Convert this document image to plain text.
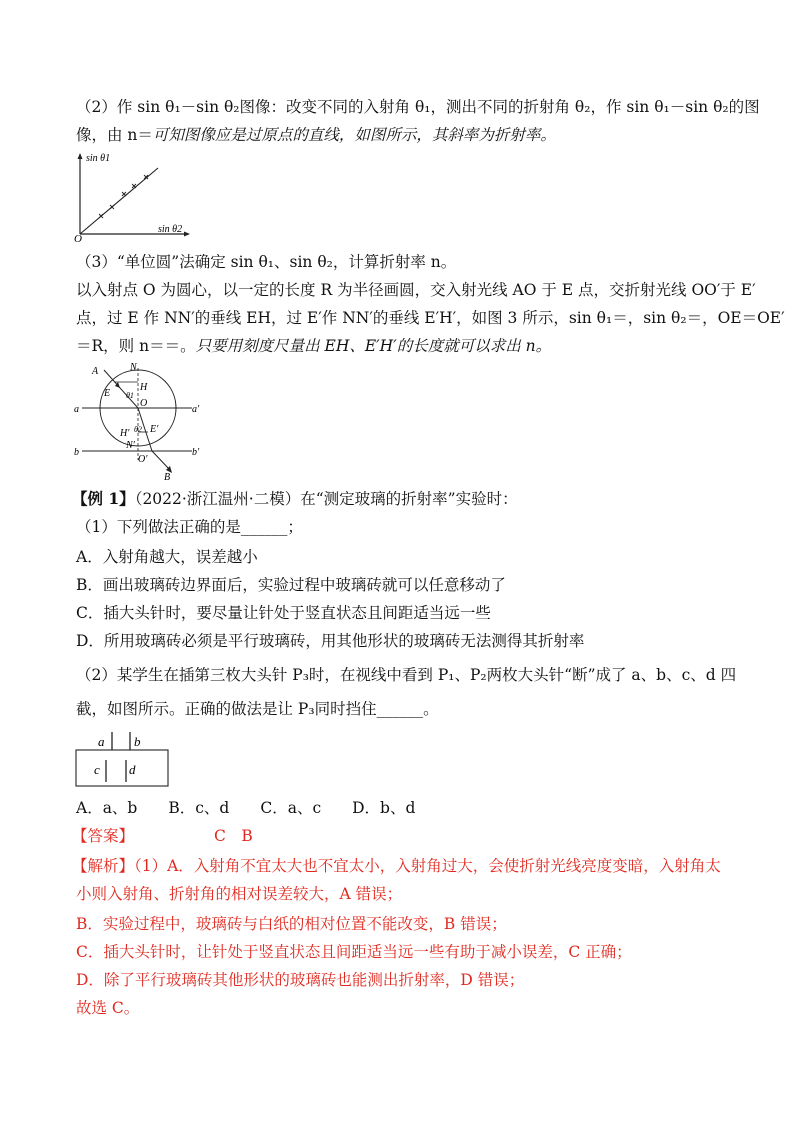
（2）作 sin θ₁－sin θ₂图像：改变不同的入射角 θ₁，测出不同的折射角 θ₂，作 sin θ₁－sin θ₂的图
像，由 n＝可知图像应是过原点的直线，如图所示，其斜率为折射率。
sin θ1
O
sin θ2
（3）“单位圆”法确定 sin θ₁、sin θ₂，计算折射率 n。
以入射点 O 为圆心，以一定的长度 R 为半径画圆，交入射光线 AO 于 E 点，交折射光线 OO′于 E′
点，过 E 作 NN′的垂线 EH，过 E′作 NN′的垂线 E′H′，如图 3 所示，sin θ₁＝，sin θ₂＝，OE＝OE′
＝R，则 n＝＝。只要用刻度尺量出 EH、E′H′的长度就可以求出 n。
A	N
H
E θ1
O
a	a′
H′ E′
θ2
N′
b	b′
O′
B
【例 1】（2022·浙江温州·二模）在“测定玻璃的折射率”实验时：
（1）下列做法正确的是______；
A．入射角越大，误差越小
B．画出玻璃砖边界面后，实验过程中玻璃砖就可以任意移动了
C．插大头针时，要尽量让针处于竖直状态且间距适当远一些
D．所用玻璃砖必须是平行玻璃砖，用其他形状的玻璃砖无法测得其折射率
（2）某学生在插第三枚大头针 P₃时，在视线中看到 P₁、P₂两枚大头针“断”成了 a、b、c、d 四
截，如图所示。正确的做法是让 P₃同时挡住______。
a b
c d
A．a、b　　B．c、d　　C．a、c　　D．b、d
【答案】	C　B
【解析】（1）A．入射角不宜太大也不宜太小，入射角过大，会使折射光线亮度变暗，入射角太
小则入射角、折射角的相对误差较大，A 错误；
B．实验过程中，玻璃砖与白纸的相对位置不能改变，B 错误；
C．插大头针时，让针处于竖直状态且间距适当远一些有助于减小误差，C 正确；
D．除了平行玻璃砖其他形状的玻璃砖也能测出折射率，D 错误；
故选 C。
